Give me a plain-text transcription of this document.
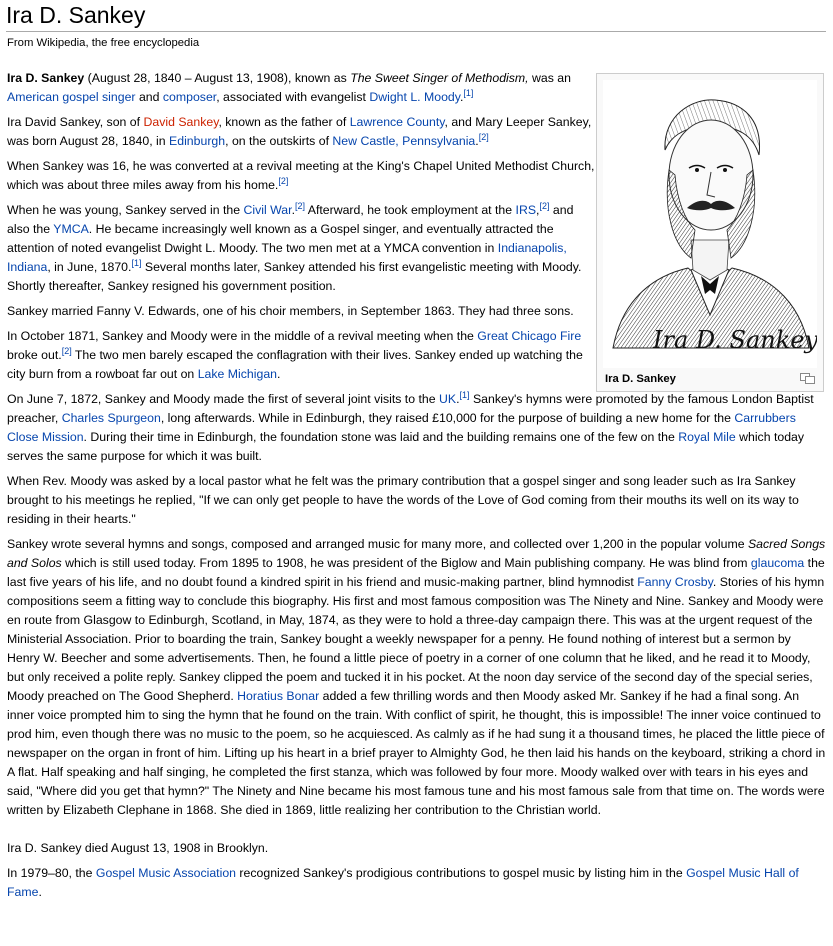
Ira D. Sankey
From Wikipedia, the free encyclopedia
Ira D. Sankey
Ira D. Sankey

Ira D. Sankey (August 28, 1840 – August 13, 1908), known as The Sweet Singer of Methodism, was an American gospel singer and composer, associated with evangelist Dwight L. Moody.[1]

Ira David Sankey, son of David Sankey, known as the father of Lawrence County, and Mary Leeper Sankey, was born August 28, 1840, in Edinburgh, on the outskirts of New Castle, Pennsylvania.[2]

When Sankey was 16, he was converted at a revival meeting at the King's Chapel United Methodist Church, which was about three miles away from his home.[2]

When he was young, Sankey served in the Civil War.[2] Afterward, he took employment at the IRS,[2] and also the YMCA. He became increasingly well known as a Gospel singer, and eventually attracted the attention of noted evangelist Dwight L. Moody. The two men met at a YMCA convention in Indianapolis, Indiana, in June, 1870.[1] Several months later, Sankey attended his first evangelistic meeting with Moody. Shortly thereafter, Sankey resigned his government position.

Sankey married Fanny V. Edwards, one of his choir members, in September 1863. They had three sons.

In October 1871, Sankey and Moody were in the middle of a revival meeting when the Great Chicago Fire broke out.[2] The two men barely escaped the conflagration with their lives. Sankey ended up watching the city burn from a rowboat far out on Lake Michigan.

On June 7, 1872, Sankey and Moody made the first of several joint visits to the UK.[1] Sankey's hymns were promoted by the famous London Baptist preacher, Charles Spurgeon, long afterwards. While in Edinburgh, they raised £10,000 for the purpose of building a new home for the Carrubbers Close Mission. During their time in Edinburgh, the foundation stone was laid and the building remains one of the few on the Royal Mile which today serves the same purpose for which it was built.

When Rev. Moody was asked by a local pastor what he felt was the primary contribution that a gospel singer and song leader such as Ira Sankey brought to his meetings he replied, "If we can only get people to have the words of the Love of God coming from their mouths its well on its way to residing in their hearts."

Sankey wrote several hymns and songs, composed and arranged music for many more, and collected over 1,200 in the popular volume Sacred Songs and Solos which is still used today. From 1895 to 1908, he was president of the Biglow and Main publishing company. He was blind from glaucoma the last five years of his life, and no doubt found a kindred spirit in his friend and music-making partner, blind hymnodist Fanny Crosby. Stories of his hymn compositions seem a fitting way to conclude this biography. His first and most famous composition was The Ninety and Nine. Sankey and Moody were en route from Glasgow to Edinburgh, Scotland, in May, 1874, as they were to hold a three-day campaign there. This was at the urgent request of the Ministerial Association. Prior to boarding the train, Sankey bought a weekly newspaper for a penny. He found nothing of interest but a sermon by Henry W. Beecher and some advertisements. Then, he found a little piece of poetry in a corner of one column that he liked, and he read it to Moody, but only received a polite reply. Sankey clipped the poem and tucked it in his pocket. At the noon day service of the second day of the special series, Moody preached on The Good Shepherd. Horatius Bonar added a few thrilling words and then Moody asked Mr. Sankey if he had a final song. An inner voice prompted him to sing the hymn that he found on the train. With conflict of spirit, he thought, this is impossible! The inner voice continued to prod him, even though there was no music to the poem, so he acquiesced. As calmly as if he had sung it a thousand times, he placed the little piece of newspaper on the organ in front of him. Lifting up his heart in a brief prayer to Almighty God, he then laid his hands on the keyboard, striking a chord in A flat. Half speaking and half singing, he completed the first stanza, which was followed by four more. Moody walked over with tears in his eyes and said, "Where did you get that hymn?" The Ninety and Nine became his most famous tune and his most famous sale from that time on. The words were written by Elizabeth Clephane in 1868. She died in 1869, little realizing her contribution to the Christian world.

Ira D. Sankey died August 13, 1908 in Brooklyn.

In 1979–80, the Gospel Music Association recognized Sankey's prodigious contributions to gospel music by listing him in the Gospel Music Hall of Fame.
